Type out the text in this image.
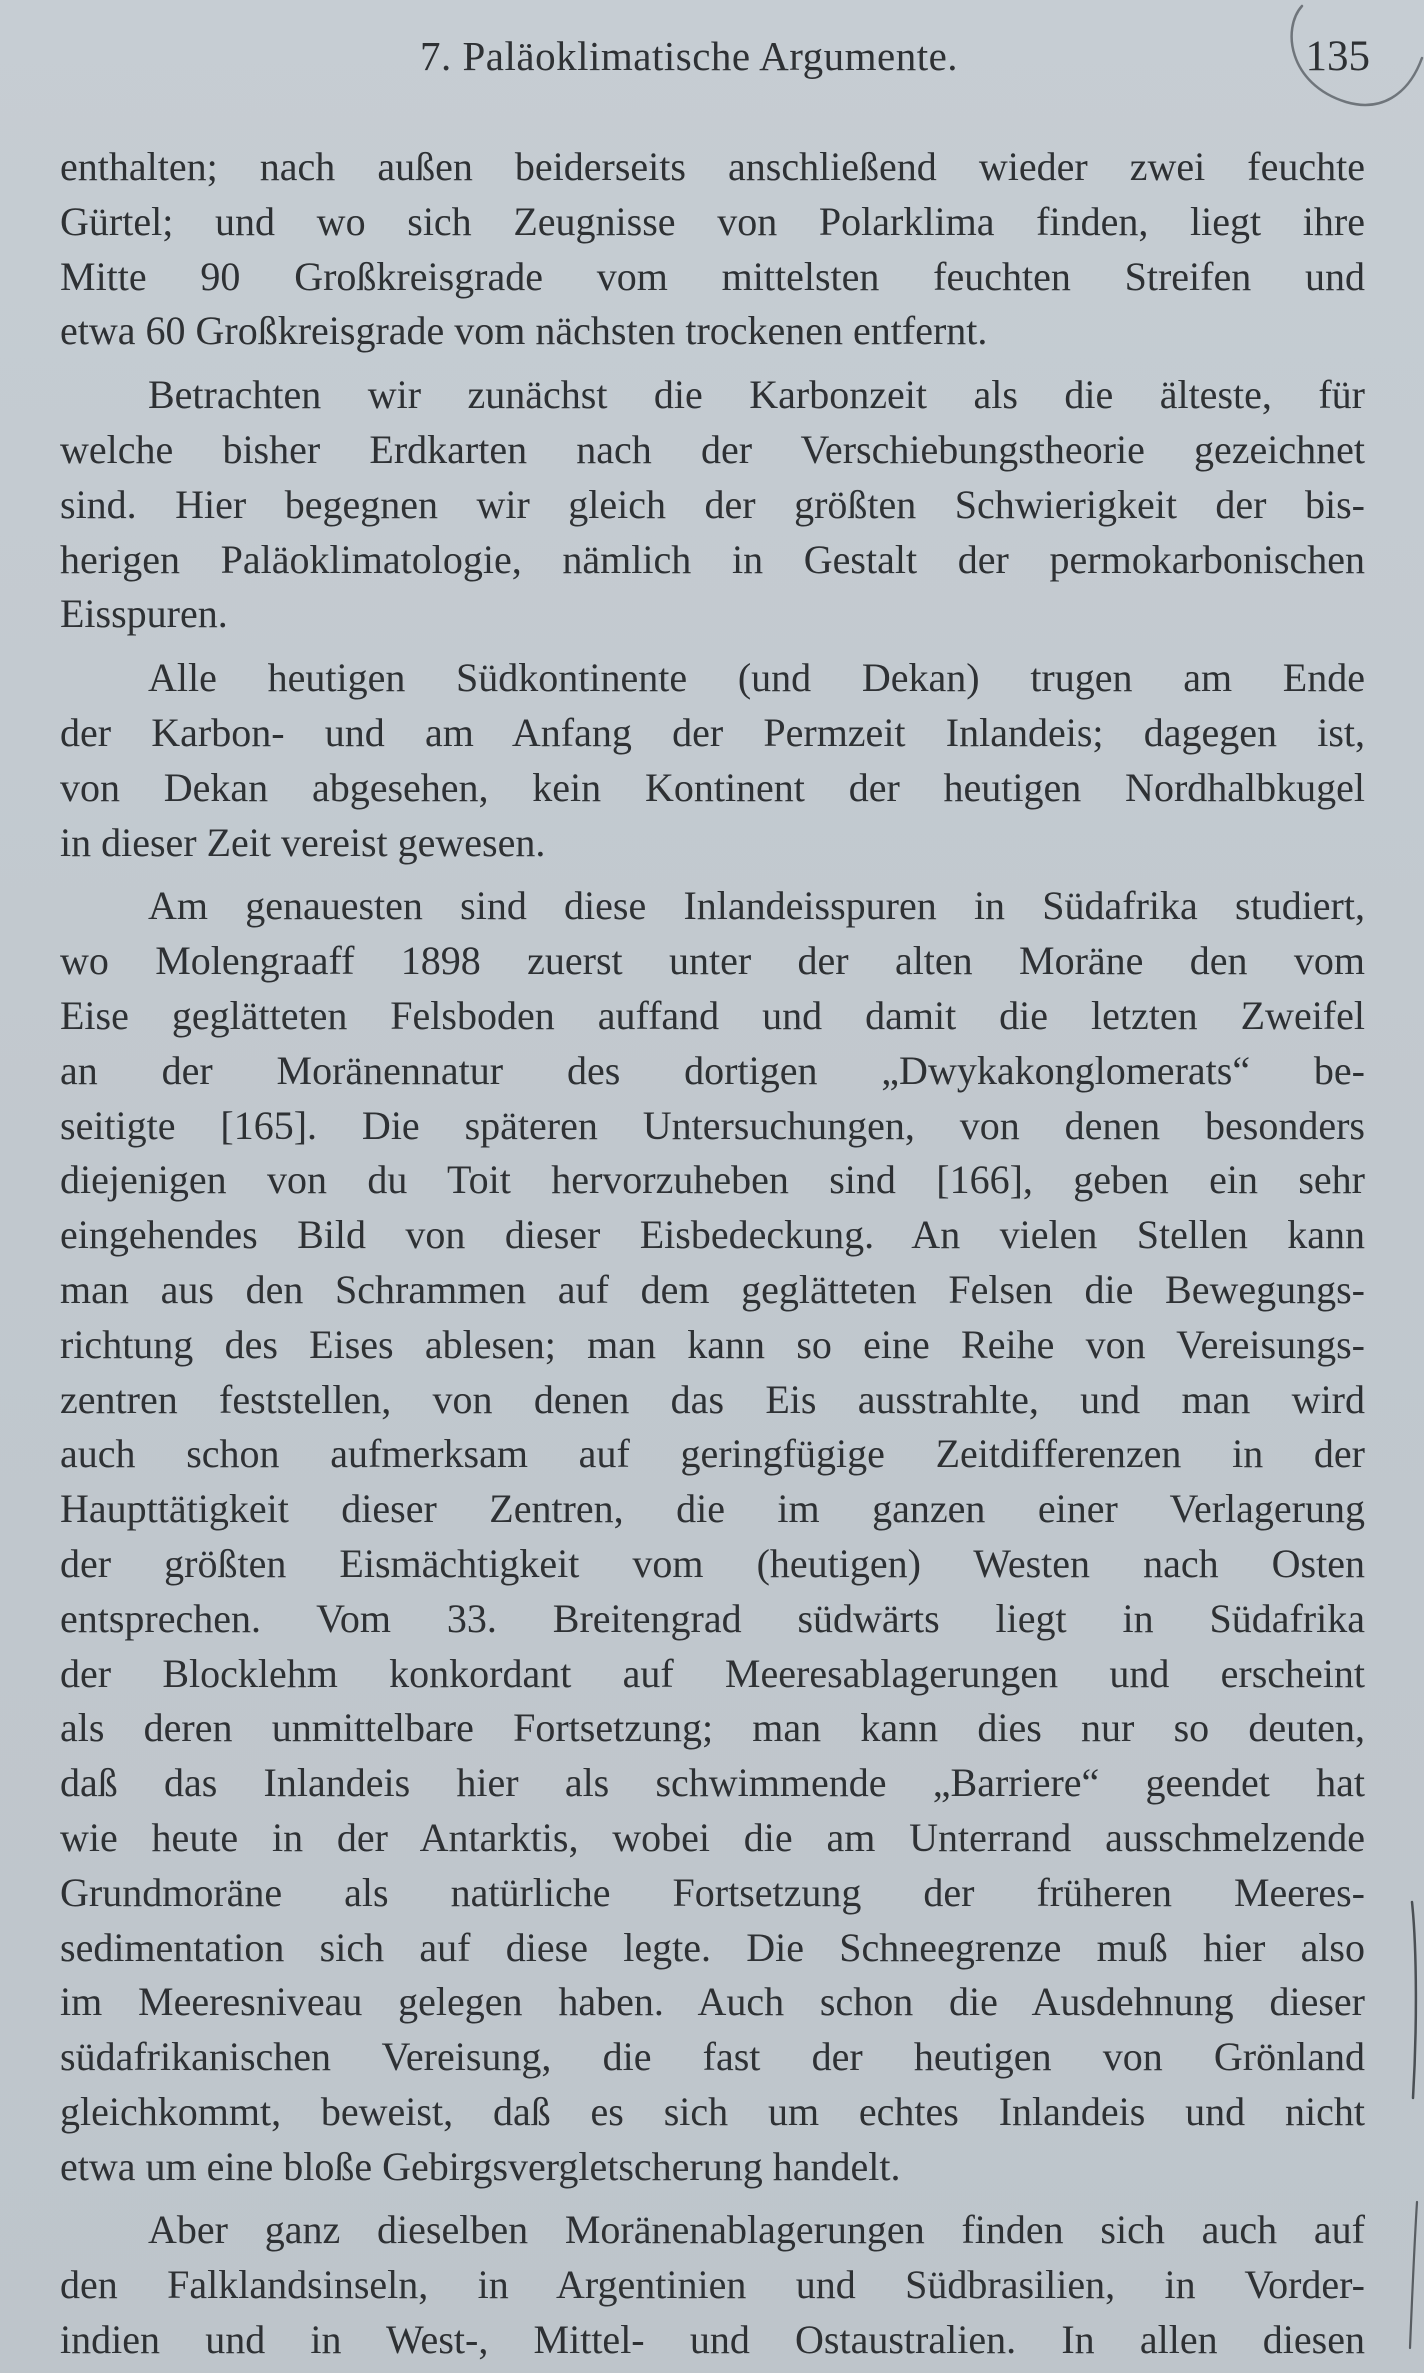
7. Paläoklimatische Argumente.	135
enthalten; nach außen beiderseits anschließend wieder zwei feuchte
Gürtel; und wo sich Zeugnisse von Polarklima finden, liegt ihre
Mitte 90 Großkreisgrade vom mittelsten feuchten Streifen und
etwa 60 Großkreisgrade vom nächsten trockenen entfernt.
Betrachten wir zunächst die Karbonzeit als die älteste, für
welche bisher Erdkarten nach der Verschiebungstheorie gezeichnet
sind. Hier begegnen wir gleich der größten Schwierigkeit der bis-
herigen Paläoklimatologie, nämlich in Gestalt der permokarbonischen
Eisspuren.
Alle heutigen Südkontinente (und Dekan) trugen am Ende
der Karbon- und am Anfang der Permzeit Inlandeis; dagegen ist,
von Dekan abgesehen, kein Kontinent der heutigen Nordhalbkugel
in dieser Zeit vereist gewesen.
Am genauesten sind diese Inlandeisspuren in Südafrika studiert,
wo Molengraaff 1898 zuerst unter der alten Moräne den vom
Eise geglätteten Felsboden auffand und damit die letzten Zweifel
an der Moränennatur des dortigen „Dwykakonglomerats“ be-
seitigte [165]. Die späteren Untersuchungen, von denen besonders
diejenigen von du Toit hervorzuheben sind [166], geben ein sehr
eingehendes Bild von dieser Eisbedeckung. An vielen Stellen kann
man aus den Schrammen auf dem geglätteten Felsen die Bewegungs-
richtung des Eises ablesen; man kann so eine Reihe von Vereisungs-
zentren feststellen, von denen das Eis ausstrahlte, und man wird
auch schon aufmerksam auf geringfügige Zeitdifferenzen in der
Haupttätigkeit dieser Zentren, die im ganzen einer Verlagerung
der größten Eismächtigkeit vom (heutigen) Westen nach Osten
entsprechen. Vom 33. Breitengrad südwärts liegt in Südafrika
der Blocklehm konkordant auf Meeresablagerungen und erscheint
als deren unmittelbare Fortsetzung; man kann dies nur so deuten,
daß das Inlandeis hier als schwimmende „Barriere“ geendet hat
wie heute in der Antarktis, wobei die am Unterrand ausschmelzende
Grundmoräne als natürliche Fortsetzung der früheren Meeres-
sedimentation sich auf diese legte. Die Schneegrenze muß hier also
im Meeresniveau gelegen haben. Auch schon die Ausdehnung dieser
südafrikanischen Vereisung, die fast der heutigen von Grönland
gleichkommt, beweist, daß es sich um echtes Inlandeis und nicht
etwa um eine bloße Gebirgsvergletscherung handelt.
Aber ganz dieselben Moränenablagerungen finden sich auch auf
den Falklandsinseln, in Argentinien und Südbrasilien, in Vorder-
indien und in West-, Mittel- und Ostaustralien. In allen diesen
